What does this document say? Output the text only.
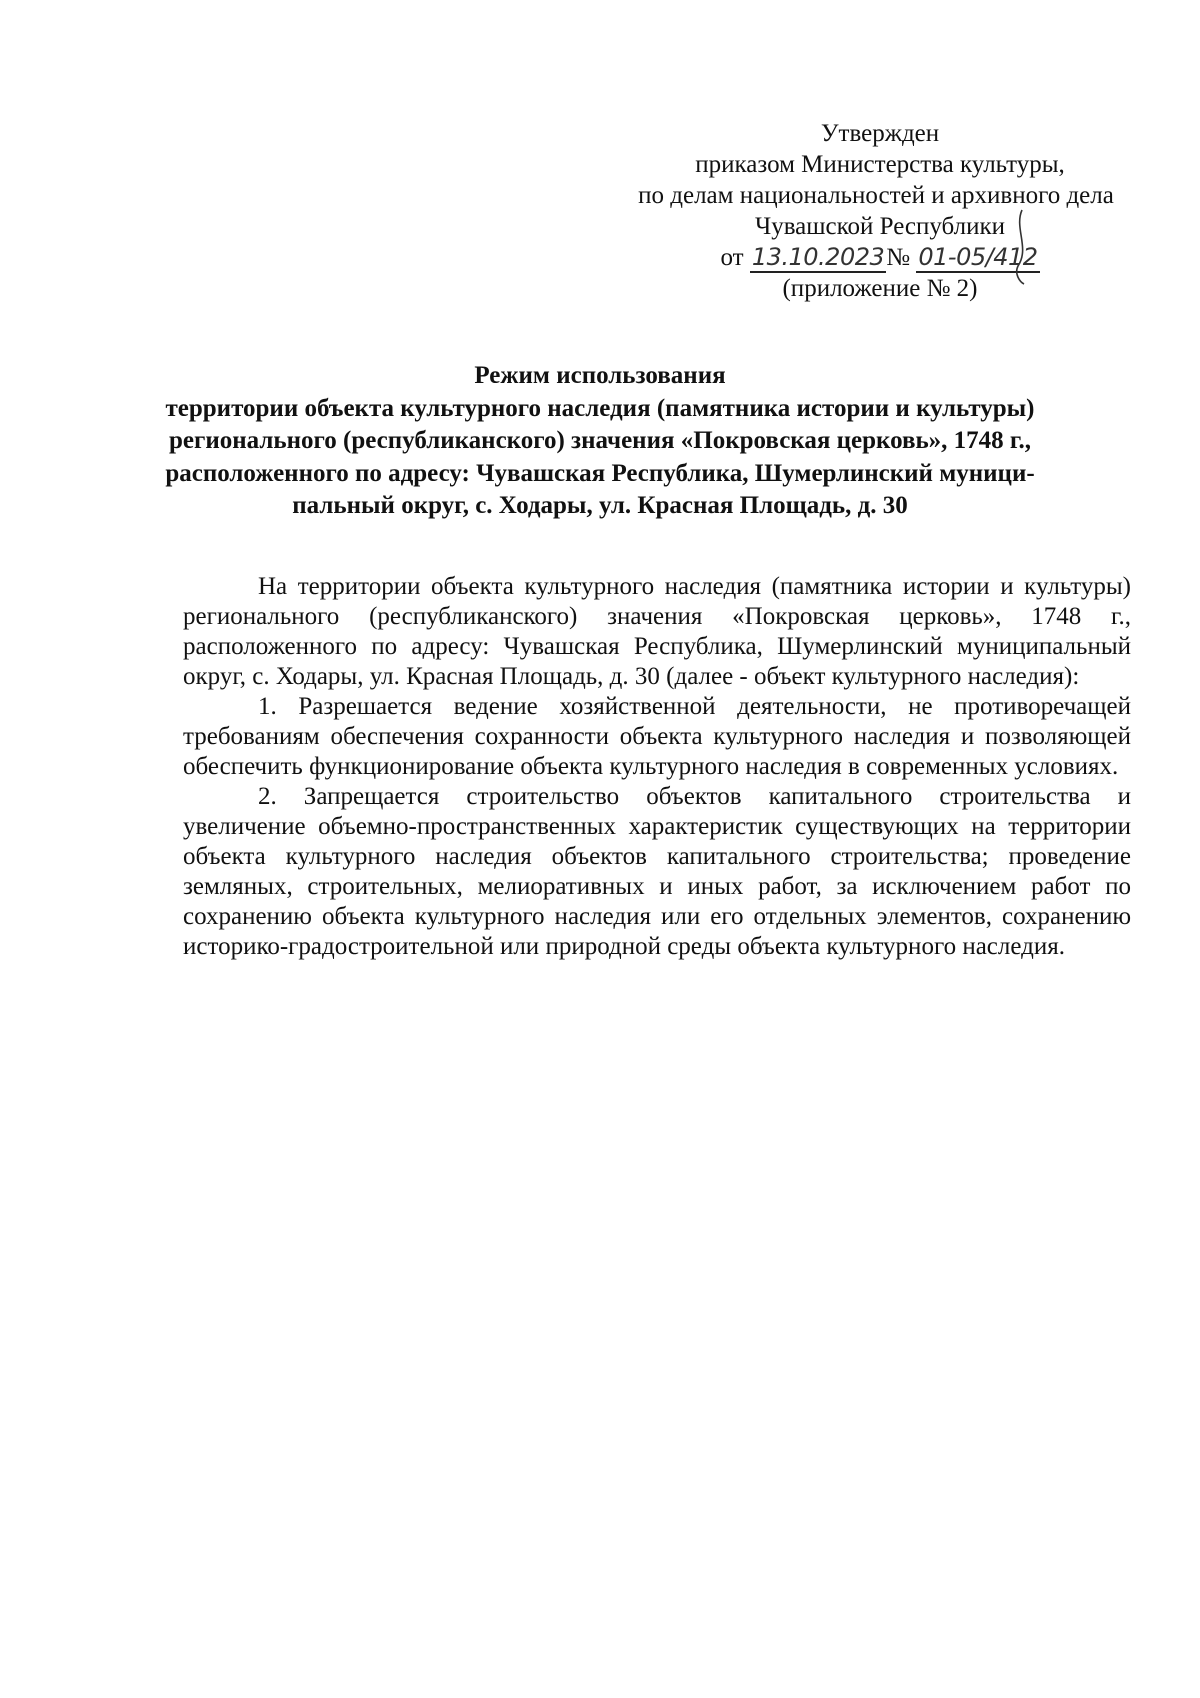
Утвержден
приказом Министерства культуры,
по делам национальностей и архивного дела
Чувашской Республики
от 13.10.2023№ 01-05/412
(приложение № 2)
Режим использования
территории объекта культурного наследия (памятника истории и культуры)
регионального (республиканского) значения «Покровская церковь», 1748 г.,
расположенного по адресу: Чувашская Республика, Шумерлинский муници-
пальный округ, с. Ходары, ул. Красная Площадь, д. 30

На территории объекта культурного наследия (памятника истории и культуры) регионального (республиканского) значения «Покровская церковь», 1748 г., расположенного по адресу: Чувашская Республика, Шумерлинский муниципальный округ, с. Ходары, ул. Красная Площадь, д. 30 (далее - объект культурного наследия):

1. Разрешается ведение хозяйственной деятельности, не противоречащей требованиям обеспечения сохранности объекта культурного наследия и позволяющей обеспечить функционирование объекта культурного наследия в современных условиях.

2. Запрещается строительство объектов капитального строительства и увеличение объемно-пространственных характеристик существующих на территории объекта культурного наследия объектов капитального строительства; проведение земляных, строительных, мелиоративных и иных работ, за исключением работ по сохранению объекта культурного наследия или его отдельных элементов, сохранению историко-градостроительной или природной среды объекта культурного наследия.
